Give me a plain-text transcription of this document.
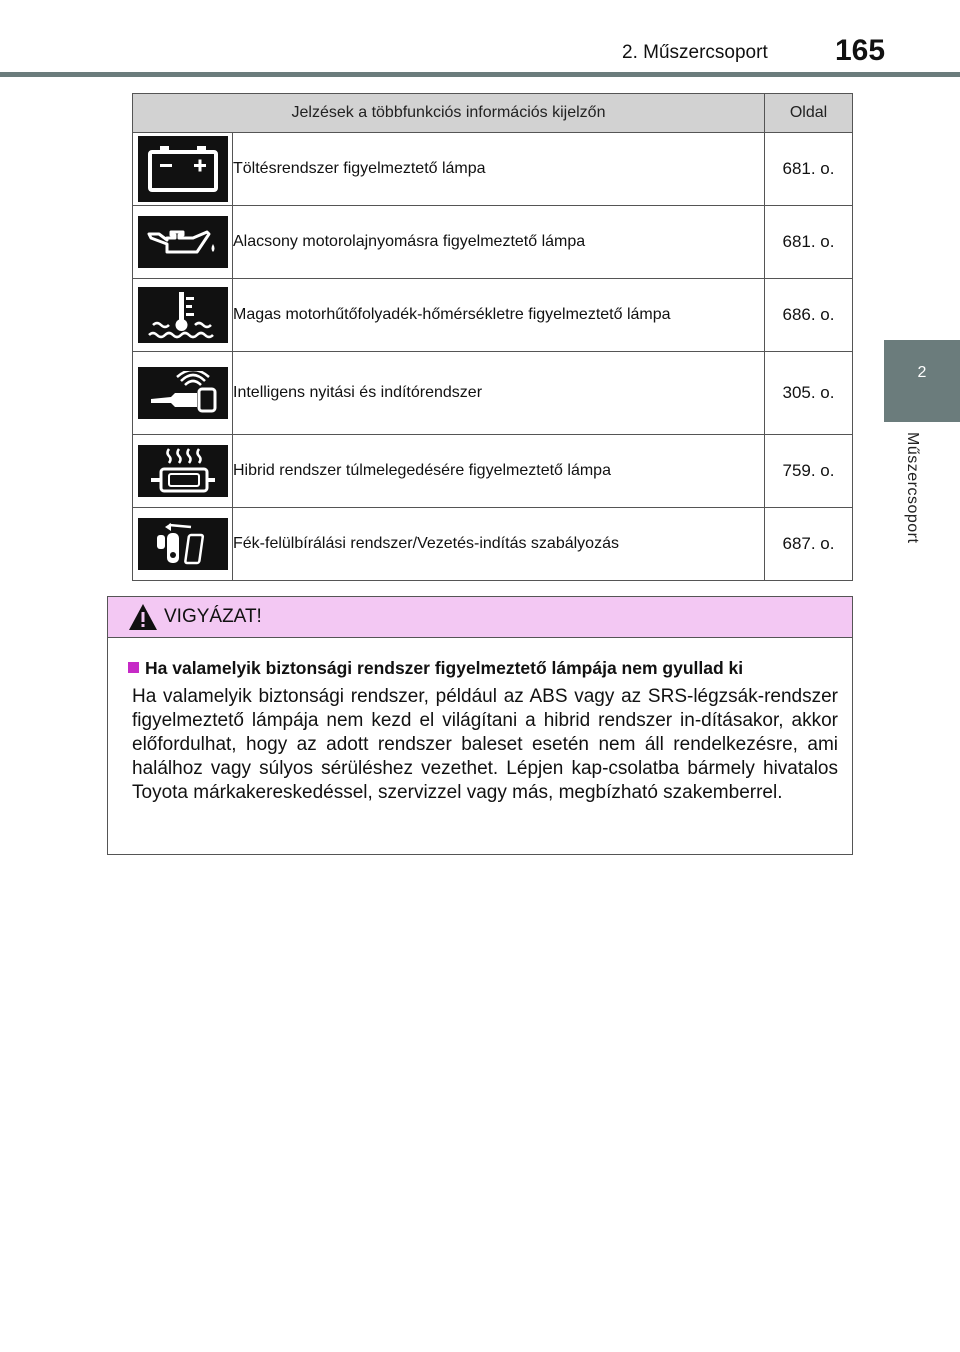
2. Műszercsoport 165
2
Műszercsoport
Jelzések a többfunkciós információs kijelzőn		Oldal

	Töltésrendszer figyelmeztető lámpa	681. o.

	Alacsony motorolajnyomásra figyelmeztető lámpa	681. o.

	Magas motorhűtőfolyadék-hőmérsékletre figyelmeztető lámpa	686. o.

	Intelligens nyitási és indítórendszer	305. o.

	Hibrid rendszer túlmelegedésére figyelmeztető lámpa	759. o.

	Fék-felülbírálási rendszer/Vezetés-indítás szabályozás	687. o.
VIGYÁZAT!
Ha valamelyik biztonsági rendszer figyelmeztető lámpája nem gyullad ki
Ha valamelyik biztonsági rendszer, például az ABS vagy az SRS-légzsák-rendszer figyelmeztető lámpája nem kezd el világítani a hibrid rendszer in-dításakor, akkor előfordulhat, hogy az adott rendszer baleset esetén nem áll rendelkezésre, ami halálhoz vagy súlyos sérüléshez vezethet. Lépjen kap-csolatba bármely hivatalos Toyota márkakereskedéssel, szervizzel vagy más, megbízható szakemberrel.
